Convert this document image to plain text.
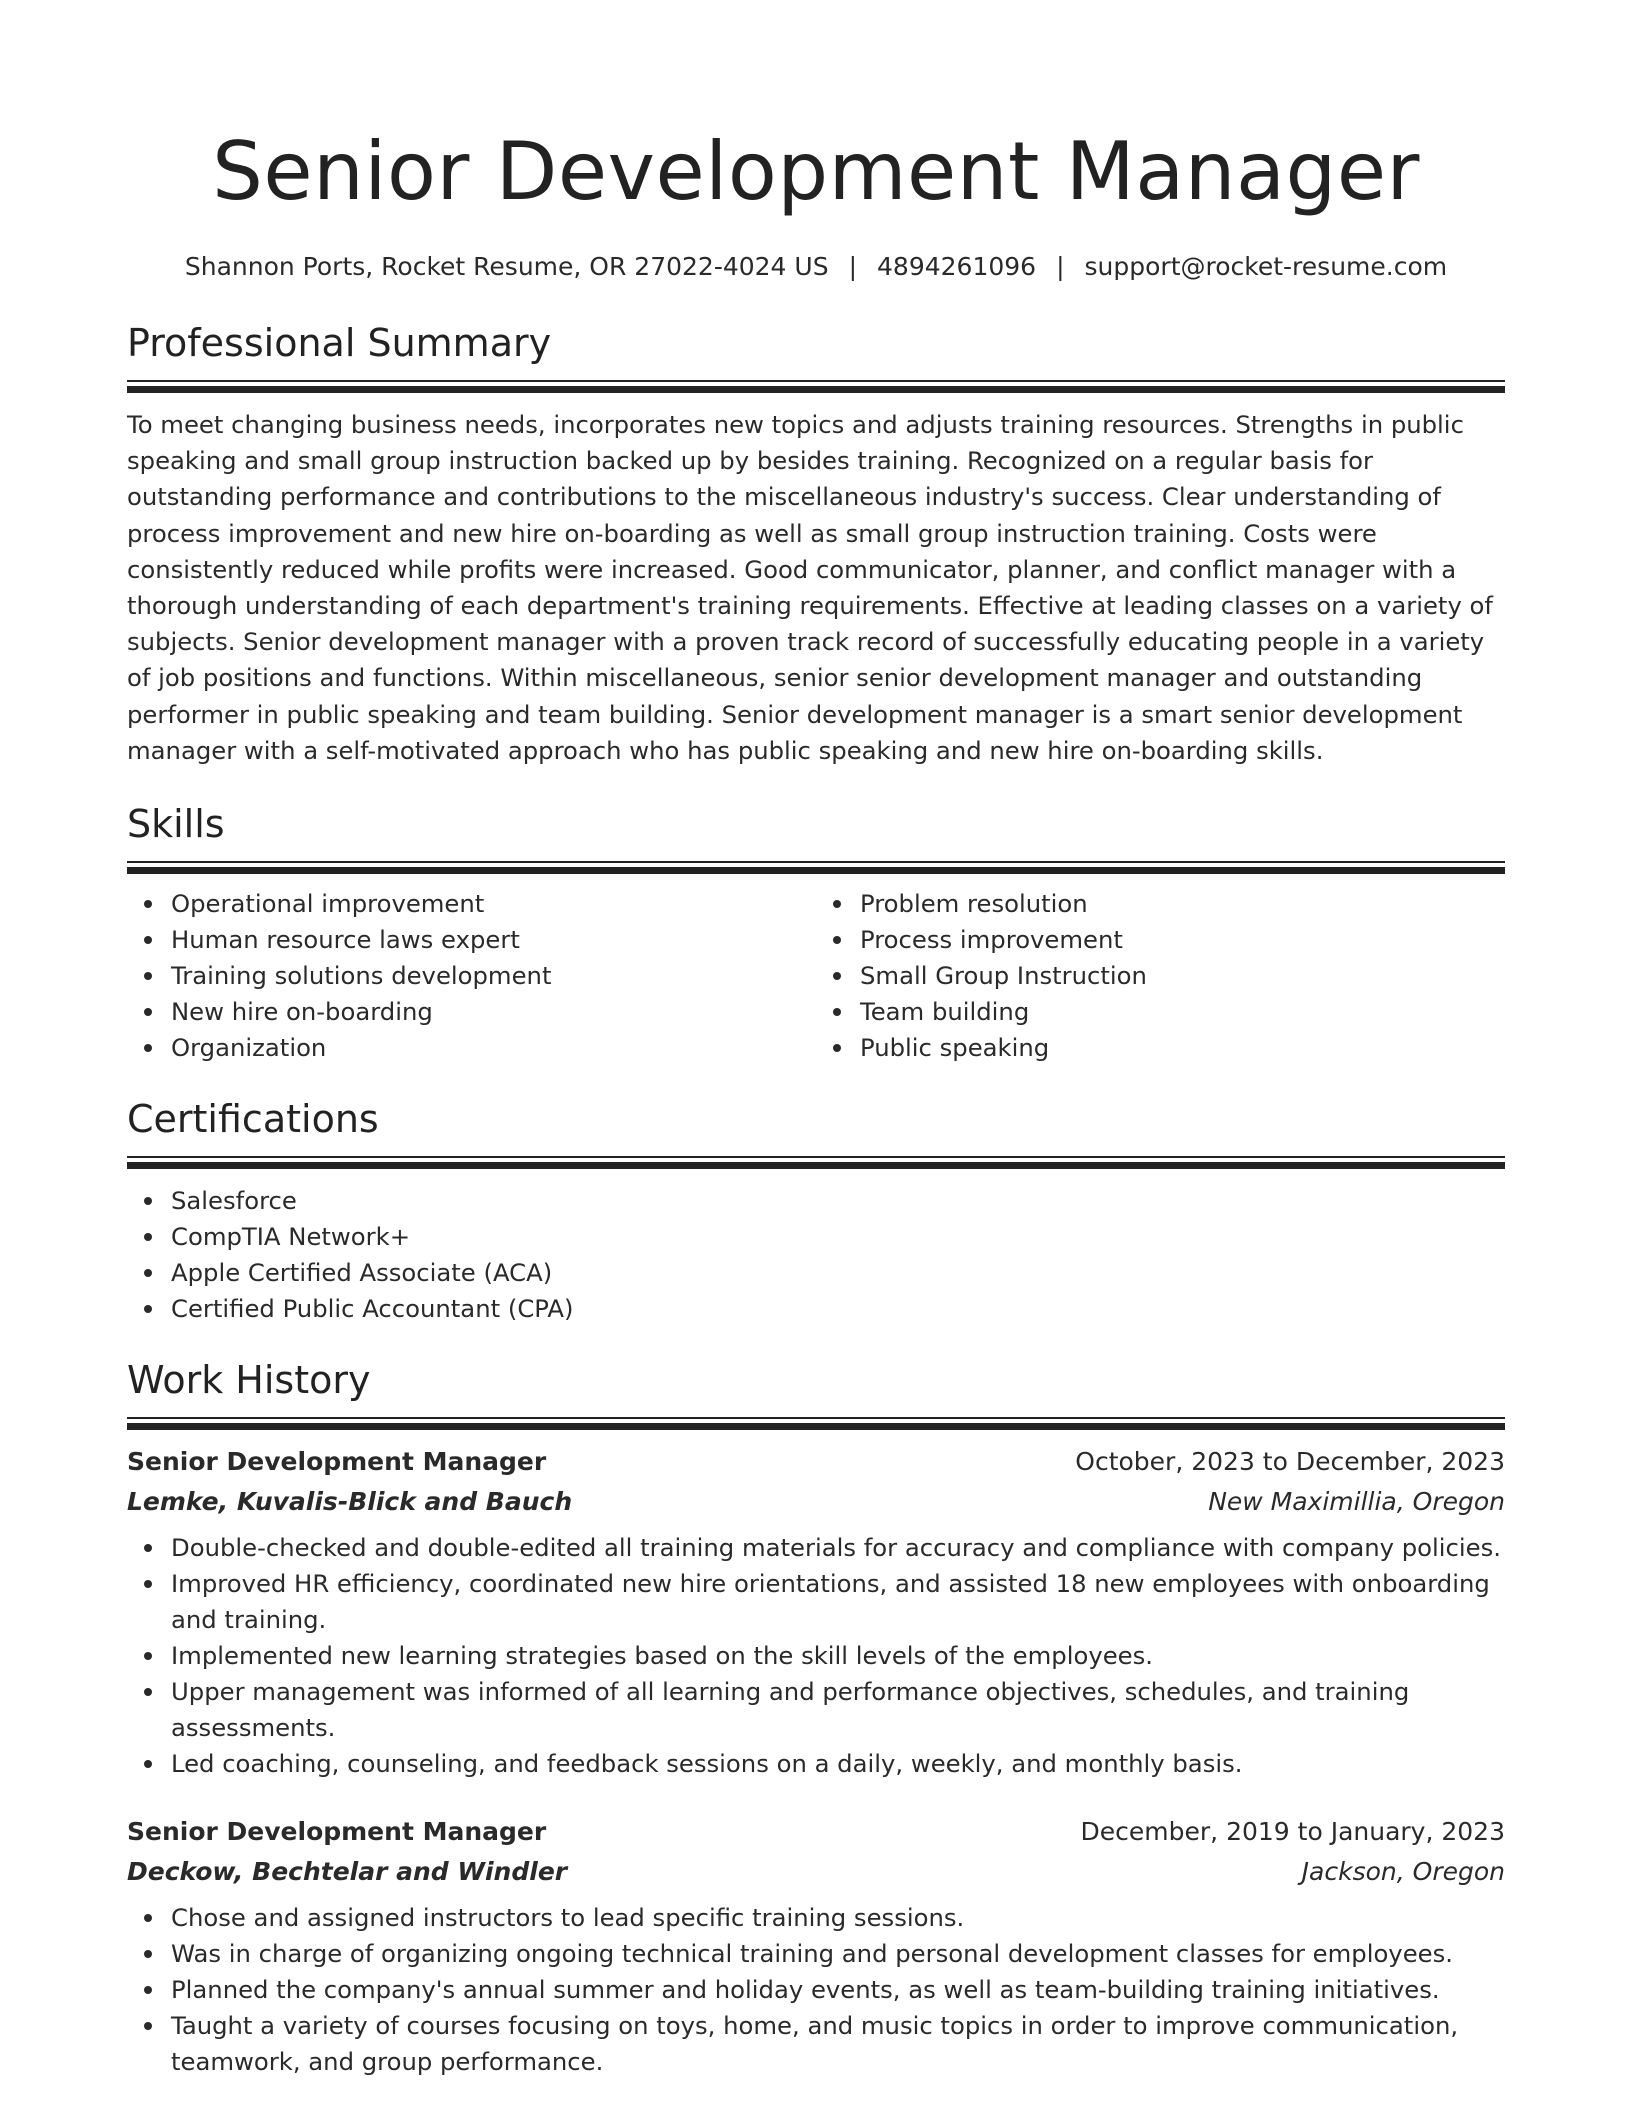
Senior Development Manager
Shannon Ports, Rocket Resume, OR 27022-4024 US | 4894261096 | support@rocket-resume.com
Professional Summary

To meet changing business needs, incorporates new topics and adjusts training resources. Strengths in public speaking and small group instruction backed up by besides training. Recognized on a regular basis for outstanding performance and contributions to the miscellaneous industry's success. Clear understanding of process improvement and new hire on-boarding as well as small group instruction training. Costs were consistently reduced while profits were increased. Good communicator, planner, and conflict manager with a thorough understanding of each department's training requirements. Effective at leading classes on a variety of subjects. Senior development manager with a proven track record of successfully educating people in a variety of job positions and functions. Within miscellaneous, senior senior development manager and outstanding performer in public speaking and team building. Senior development manager is a smart senior development manager with a self-motivated approach who has public speaking and new hire on-boarding skills.

Skills
Operational improvement
Human resource laws expert
Training solutions development
New hire on-boarding
Organization
Problem resolution
Process improvement
Small Group Instruction
Team building
Public speaking
Certifications
Salesforce
CompTIA Network+
Apple Certified Associate (ACA)
Certified Public Accountant (CPA)
Work History
Senior Development Manager	October, 2023 to December, 2023
Lemke, Kuvalis-Blick and Bauch	New Maximillia, Oregon
Double-checked and double-edited all training materials for accuracy and compliance with company policies.
Improved HR efficiency, coordinated new hire orientations, and assisted 18 new employees with onboarding and training.
Implemented new learning strategies based on the skill levels of the employees.
Upper management was informed of all learning and performance objectives, schedules, and training assessments.
Led coaching, counseling, and feedback sessions on a daily, weekly, and monthly basis.
Senior Development Manager	December, 2019 to January, 2023
Deckow, Bechtelar and Windler	Jackson, Oregon
Chose and assigned instructors to lead specific training sessions.
Was in charge of organizing ongoing technical training and personal development classes for employees.
Planned the company's annual summer and holiday events, as well as team-building training initiatives.
Taught a variety of courses focusing on toys, home, and music topics in order to improve communication, teamwork, and group performance.
